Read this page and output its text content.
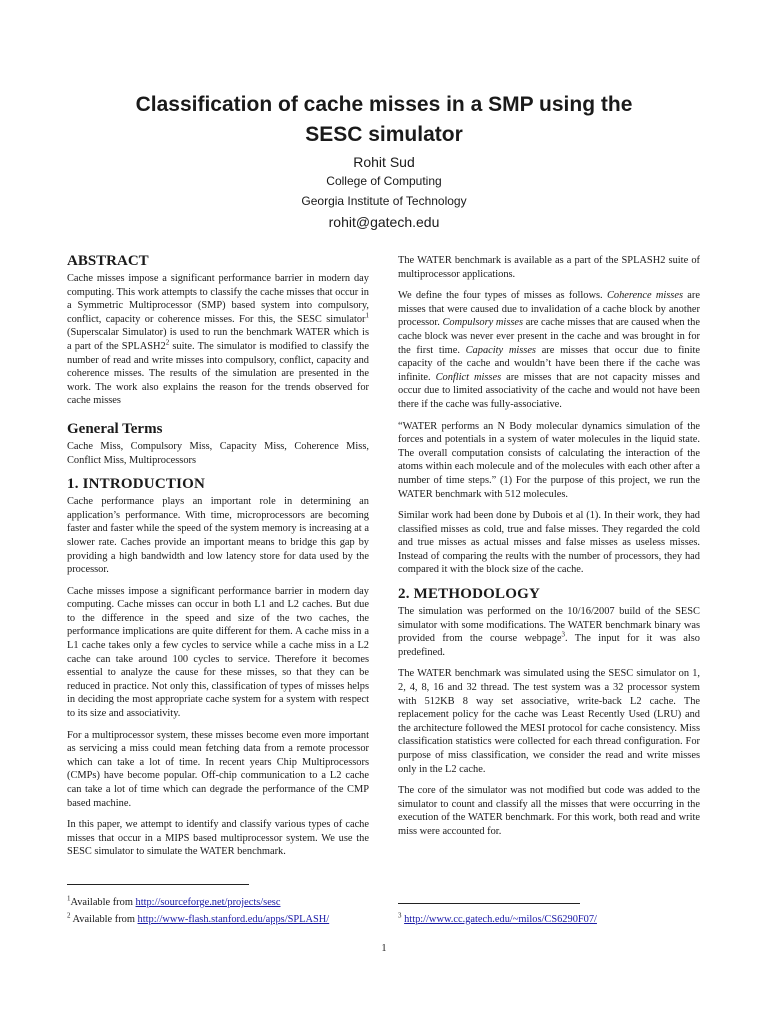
Classification of cache misses in a SMP using the
SESC simulator
Rohit Sud
College of Computing
Georgia Institute of Technology
rohit@gatech.edu
ABSTRACT
Cache misses impose a significant performance barrier in modern day computing. This work attempts to classify the cache misses that occur in a Symmetric Multiprocessor (SMP) based system into compulsory, conflict, capacity or coherence misses. For this, the SESC simulator$^1$ (Superscalar Simulator) is used to run the benchmark WATER which is a part of the $SPLASH2^2$ suite. The simulator is modified to classify the number of read and write misses into compulsory, conflict, capacity and coherence misses. The results of the simulation are presented in the work. The work also explains the reason for the trends observed for cache misses
General Terms
Cache Miss, Compulsory Miss, Capacity Miss, Coherence Miss, Conflict Miss, Multiprocessors
1. INTRODUCTION
Cache performance plays an important role in determining an application’s performance. With time, microprocessors are becoming faster and faster while the speed of the system memory is increasing at a slower rate. Caches provide an important means to bridge this gap by providing a high bandwidth and low latency store for data used by the processor.
Cache misses impose a significant performance barrier in modern day computing. Cache misses can occur in both L1 and L2 caches. But due to the difference in the speed and size of the two caches, the performance implications are quite different for them. A cache miss in a L1 cache takes only a few cycles to service while a cache miss in a L2 cache can take around 100 cycles to service. Therefore it becomes essential to analyze the cause for these misses, so that they can be reduced in practice. Not only this, classification of types of misses helps in deciding the most appropriate cache system for a system with respect to its size and associativity.
For a multiprocessor system, these misses become even more important as servicing a miss could mean fetching data from a remote processor which can take a lot of time. In recent years Chip Multiprocessors (CMPs) have become popular. Off-chip communication to a L2 cache can take a lot of time which can degrade the performance of the CMP based machine.
In this paper, we attempt to identify and classify various types of cache misses that occur in a MIPS based multiprocessor system. We use the SESC simulator to simulate the WATER benchmark.
The WATER benchmark is available as a part of the SPLASH2 suite of multiprocessor applications.
We define the four types of misses as follows. Coherence misses are misses that were caused due to invalidation of a cache block by another processor. Compulsory misses are cache misses that are caused when the cache block was never ever present in the cache and was brought in for the first time. Capacity misses are misses that occur due to finite capacity of the cache and wouldn’t have been there if the cache was infinite. Conflict misses are misses that are not capacity misses and occur due to limited associativity of the cache and would not have been there if the cache was fully-associative.
“WATER performs an N Body molecular dynamics simulation of the forces and potentials in a system of water molecules in the liquid state. The overall computation consists of calculating the interaction of the atoms within each molecule and of the molecules with each other after a number of time steps.” (1) For the purpose of this project, we run the WATER benchmark with 512 molecules.
Similar work had been done by Dubois et al (1). In their work, they had classified misses as cold, true and false misses. They regarded the cold and true misses as actual misses and false misses as useless misses. Instead of comparing the reults with the number of processors, they had compared it with the block size of the cache.
2. METHODOLOGY
The simulation was performed on the 10/16/2007 build of the SESC simulator with some modifications. The WATER benchmark binary was provided from the course webpage$^3$. The input for it was also predefined.
The WATER benchmark was simulated using the SESC simulator on 1, 2, 4, 8, 16 and 32 thread. The test system was a 32 processor system with 512KB 8 way set associative, write-back L2 cache. The replacement policy for the cache was Least Recently Used (LRU) and the architecture followed the MESI protocol for cache consistency. Miss classification statistics were collected for each thread configuration. For purpose of miss classification, we consider the read and write misses only in the L2 cache.
The core of the simulator was not modified but code was added to the simulator to count and classify all the misses that were occurring in the execution of the WATER benchmark. For this work, both read and write miss were accounted for.
$^1$Available from http://sourceforge.net/projects/sesc
$^2$ Available from http://www-flash.stanford.edu/apps/SPLASH/	$^3$ http://www.cc.gatech.edu/~milos/CS6290F07/
1
